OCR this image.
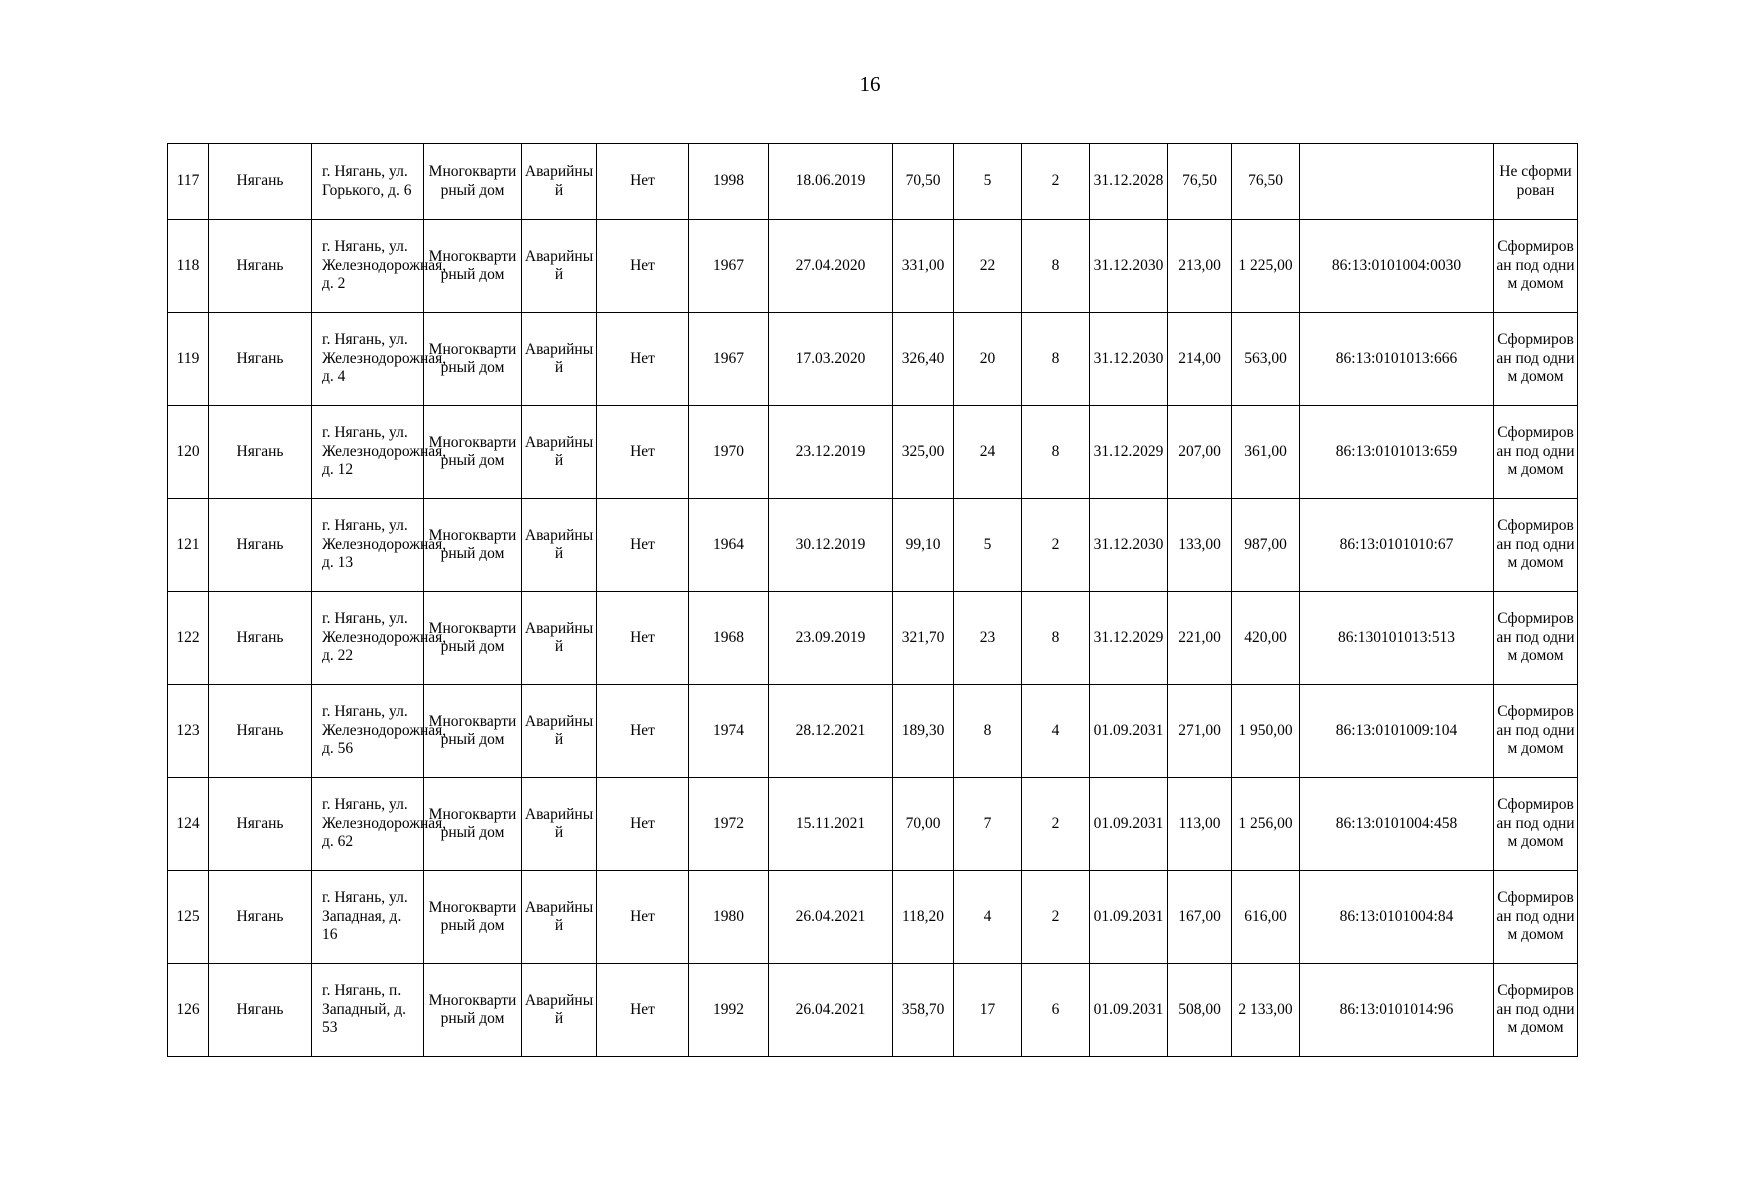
16
117	Нягань	г. Нягань, ул. Горького, д. 6	Многоквартирный дом	Аварийный	Нет	1998	18.06.2019	70,50	5	2	31.12.2028	76,50	76,50		Не сформирован
118	Нягань	г. Нягань, ул. Железнодорожная, д. 2	Многоквартирный дом	Аварийный	Нет	1967	27.04.2020	331,00	22	8	31.12.2030	213,00	1 225,00	86:13:0101004:0030	Сформирован под одним домом
119	Нягань	г. Нягань, ул. Железнодорожная, д. 4	Многоквартирный дом	Аварийный	Нет	1967	17.03.2020	326,40	20	8	31.12.2030	214,00	563,00	86:13:0101013:666	Сформирован под одним домом
120	Нягань	г. Нягань, ул. Железнодорожная, д. 12	Многоквартирный дом	Аварийный	Нет	1970	23.12.2019	325,00	24	8	31.12.2029	207,00	361,00	86:13:0101013:659	Сформирован под одним домом
121	Нягань	г. Нягань, ул. Железнодорожная, д. 13	Многоквартирный дом	Аварийный	Нет	1964	30.12.2019	99,10	5	2	31.12.2030	133,00	987,00	86:13:0101010:67	Сформирован под одним домом
122	Нягань	г. Нягань, ул. Железнодорожная, д. 22	Многоквартирный дом	Аварийный	Нет	1968	23.09.2019	321,70	23	8	31.12.2029	221,00	420,00	86:130101013:513	Сформирован под одним домом
123	Нягань	г. Нягань, ул. Железнодорожная, д. 56	Многоквартирный дом	Аварийный	Нет	1974	28.12.2021	189,30	8	4	01.09.2031	271,00	1 950,00	86:13:0101009:104	Сформирован под одним домом
124	Нягань	г. Нягань, ул. Железнодорожная, д. 62	Многоквартирный дом	Аварийный	Нет	1972	15.11.2021	70,00	7	2	01.09.2031	113,00	1 256,00	86:13:0101004:458	Сформирован под одним домом
125	Нягань	г. Нягань, ул. Западная, д. 16	Многоквартирный дом	Аварийный	Нет	1980	26.04.2021	118,20	4	2	01.09.2031	167,00	616,00	86:13:0101004:84	Сформирован под одним домом
126	Нягань	г. Нягань, п. Западный, д. 53	Многоквартирный дом	Аварийный	Нет	1992	26.04.2021	358,70	17	6	01.09.2031	508,00	2 133,00	86:13:0101014:96	Сформирован под одним домом
